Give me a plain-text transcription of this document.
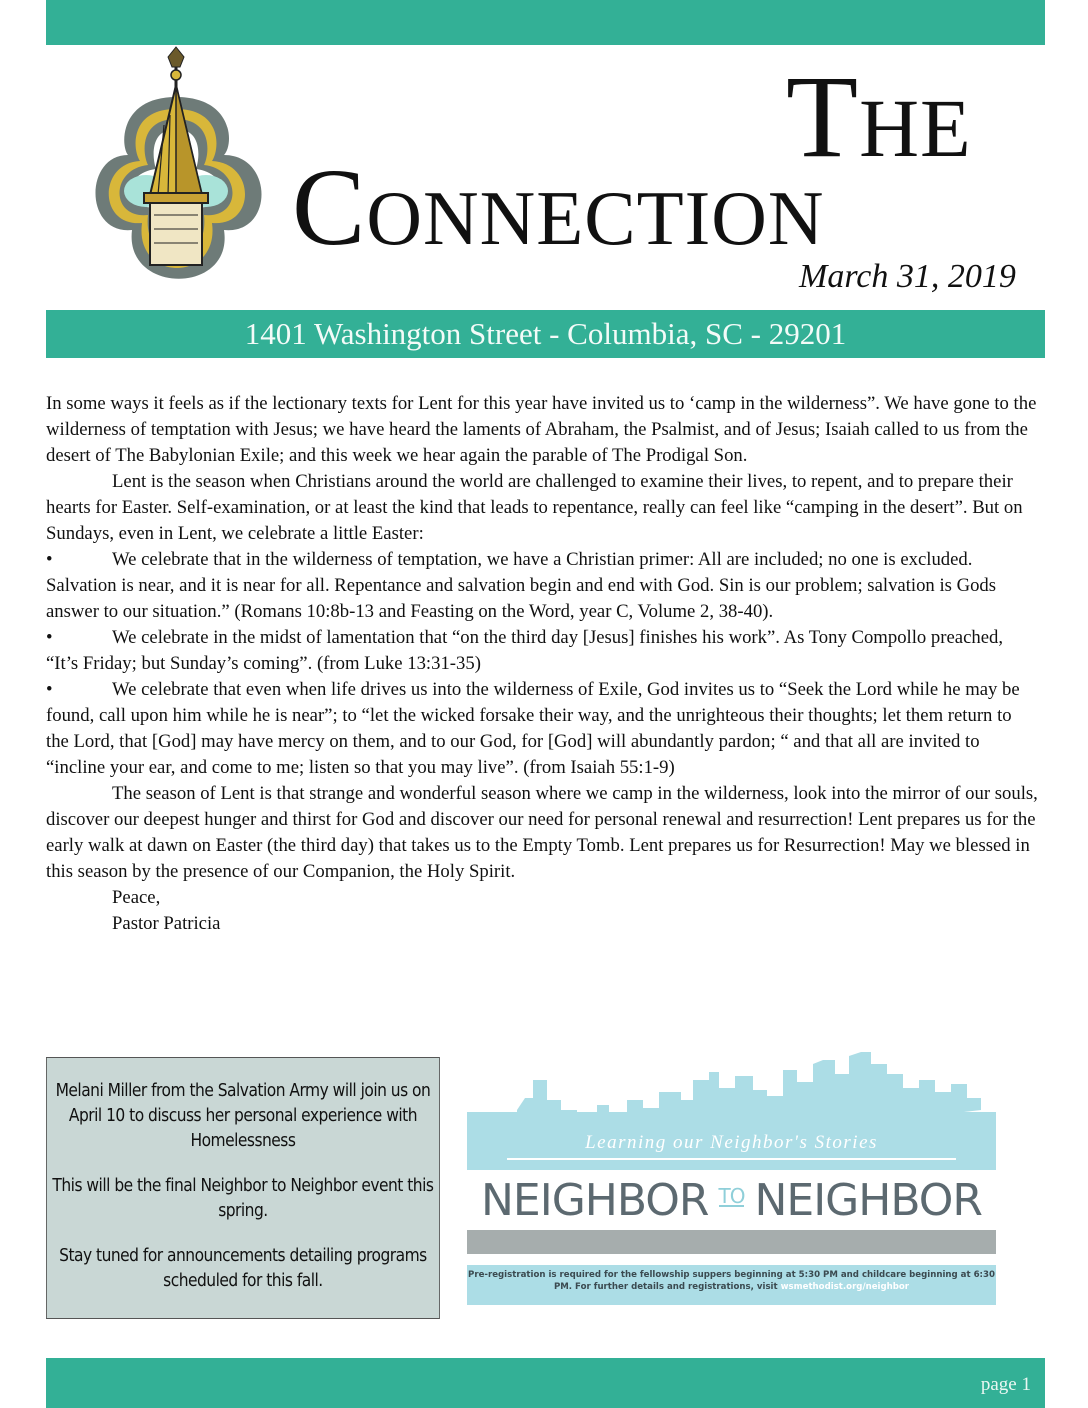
The
Connection
March 31, 2019
1401 Washington Street - Columbia, SC - 29201

In some ways it feels as if the lectionary texts for Lent for this year have invited us to ‘camp in the wilderness”. We have gone to the wilderness of temptation with Jesus; we have heard the laments of Abraham, the Psalmist, and of Jesus; Isaiah called to us from the desert of The Babylonian Exile; and this week we hear again the parable of The Prodigal Son.

Lent is the season when Christians around the world are challenged to examine their lives, to repent, and to prepare their hearts for Easter. Self-examination, or at least the kind that leads to repentance, really can feel like “camping in the desert”. But on Sundays, even in Lent, we celebrate a little Easter:

•	We celebrate that in the wilderness of temptation, we have a Christian primer: All are included; no one is excluded. Salvation is near, and it is near for all. Repentance and salvation begin and end with God. Sin is our problem; salvation is Gods answer to our situation.” (Romans 10:8b-13 and Feasting on the Word, year C, Volume 2, 38-40).

•	We celebrate in the midst of lamentation that “on the third day [Jesus] finishes his work”. As Tony Compollo preached, “It’s Friday; but Sunday’s coming”. (from Luke 13:31-35)

•	We celebrate that even when life drives us into the wilderness of Exile, God invites us to “Seek the Lord while he may be found, call upon him while he is near”; to “let the wicked forsake their way, and the unrighteous their thoughts; let them return to the Lord, that [God] may have mercy on them, and to our God, for [God] will abundantly pardon; “ and that all are invited to “incline your ear, and come to me; listen so that you may live”. (from Isaiah 55:1-9)

The season of Lent is that strange and wonderful season where we camp in the wilderness, look into the mirror of our souls, discover our deepest hunger and thirst for God and discover our need for personal renewal and resurrection! Lent prepares us for the early walk at dawn on Easter (the third day) that takes us to the Empty Tomb. Lent prepares us for Resurrection! May we blessed in this season by the presence of our Companion, the Holy Spirit.

Peace,

Pastor Patricia

Melani Miller from the Salvation Army will join us on April 10 to discuss her personal experience with Homelessness

This will be the final Neighbor to Neighbor event this spring.

Stay tuned for announcements detailing programs scheduled for this fall.

Learning our Neighbor's Stories
NEIGHBOR TO NEIGHBOR
Pre-registration is required for the fellowship suppers beginning at 5:30 PM and childcare beginning at 6:30 PM. For further details and registrations, visit wsmethodist.org/neighbor
page 1
